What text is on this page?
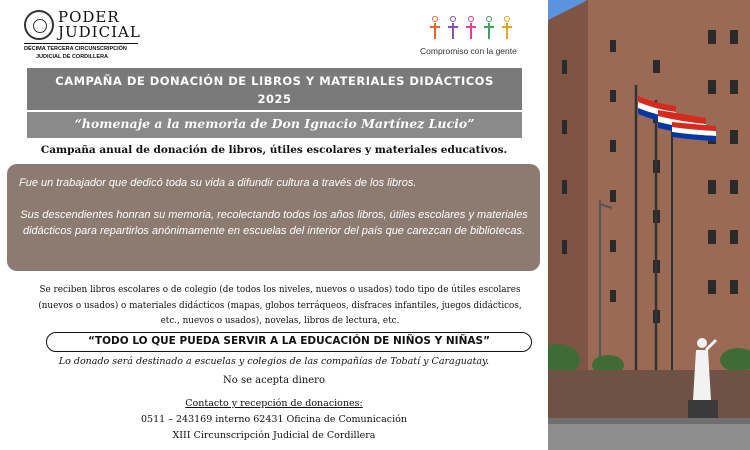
PODER
JUDICIAL
DÉCIMA TERCERA CIRCUNSCRIPCIÓN
JUDICIAL DE CORDILLERA
Compromiso con la gente
CAMPAÑA DE DONACIÓN DE LIBROS Y MATERIALES DIDÁCTICOS
2025
“homenaje a la memoria de Don Ignacio Martínez Lucio”
Campaña anual de donación de libros, útiles escolares y materiales educativos.

Fue un trabajador que dedicó toda su vida a difundir cultura a través de los libros.

Sus descendientes honran su memoria, recolectando todos los años libros, útiles escolares y materiales didácticos para repartirlos anónimamente en escuelas del interior del país que carezcan de bibliotecas.

Se reciben libros escolares o de colegio (de todos los niveles, nuevos o usados) todo tipo de útiles escolares (nuevos o usados) o materiales didácticos (mapas, globos terráqueos, disfraces infantiles, juegos didácticos, etc., nuevos o usados), novelas, libros de lectura, etc.
“TODO LO QUE PUEDA SERVIR A LA EDUCACIÓN DE NIÑOS Y NIÑAS”
Lo donado será destinado a escuelas y colegios de las compañías de Tobatí y Caraguatay.
No se acepta dinero
Contacto y recepción de donaciones:
0511 – 243169 interno 62431 Oficina de Comunicación
XIII Circunscripción Judicial de Cordillera
